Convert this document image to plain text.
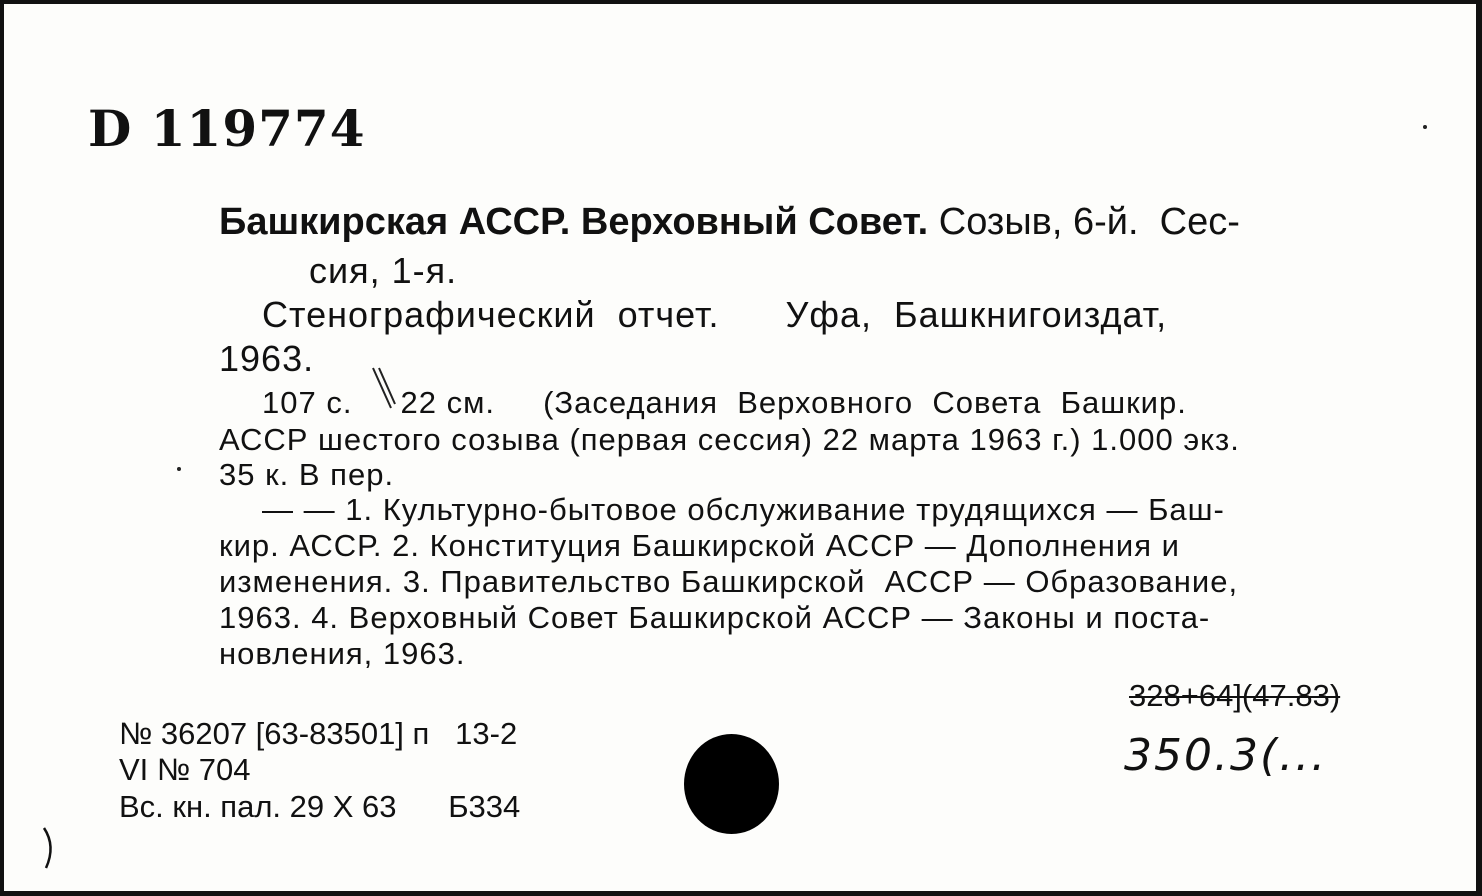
D 119774
Башкирская АССР. Верховный Совет. Созыв, 6-й.  Сес-
сия, 1-я.
Стенографический  отчет.      Уфа,  Башкнигоиздат,
1963.
107 с.     22 см.     (Заседания  Верховного  Совета  Башкир.
АССР шестого созыва (первая сессия) 22 марта 1963 г.) 1.000 экз.
35 к. В пер.
— — 1. Культурно-бытовое обслуживание трудящихся — Баш-
кир. АССР. 2. Конституция Башкирской АССР — Дополнения и
изменения. 3. Правительство Башкирской  АССР — Образование,
1963. 4. Верховный Совет Башкирской АССР — Законы и поста-
новления, 1963.
328+64](47.83)
350.3(...
№ 36207 [63-83501] п   13-2
VI № 704
Вс. кн. пал. 29 X 63      Б334
